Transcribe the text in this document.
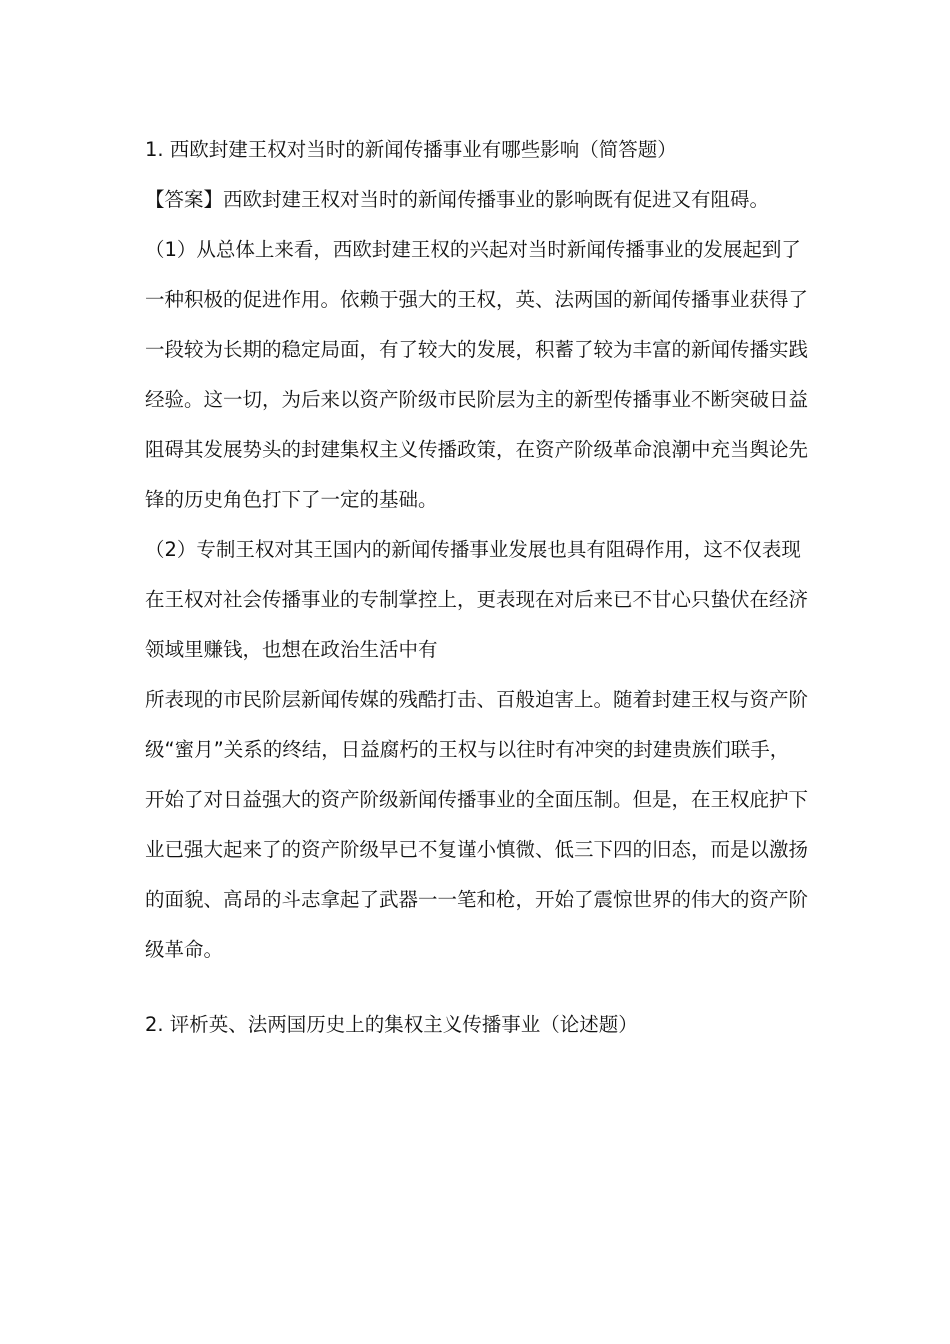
1. 西欧封建王权对当时的新闻传播事业有哪些影响（简答题）
【答案】西欧封建王权对当时的新闻传播事业的影响既有促进又有阻碍。
（1）从总体上来看，西欧封建王权的兴起对当时新闻传播事业的发展起到了
一种积极的促进作用。依赖于强大的王权，英、法两国的新闻传播事业获得了
一段较为长期的稳定局面，有了较大的发展，积蓄了较为丰富的新闻传播实践
经验。这一切，为后来以资产阶级市民阶层为主的新型传播事业不断突破日益
阻碍其发展势头的封建集权主义传播政策，在资产阶级革命浪潮中充当舆论先
锋的历史角色打下了一定的基础。
（2）专制王权对其王国内的新闻传播事业发展也具有阻碍作用，这不仅表现
在王权对社会传播事业的专制掌控上，更表现在对后来已不甘心只蛰伏在经济
领域里赚钱，也想在政治生活中有
所表现的市民阶层新闻传媒的残酷打击、百般迫害上。随着封建王权与资产阶
级“蜜月”关系的终结，日益腐朽的王权与以往时有冲突的封建贵族们联手，
开始了对日益强大的资产阶级新闻传播事业的全面压制。但是，在王权庇护下
业已强大起来了的资产阶级早已不复谨小慎微、低三下四的旧态，而是以激扬
的面貌、高昂的斗志拿起了武器一一笔和枪，开始了震惊世界的伟大的资产阶
级革命。
2. 评析英、法两国历史上的集权主义传播事业（论述题）
